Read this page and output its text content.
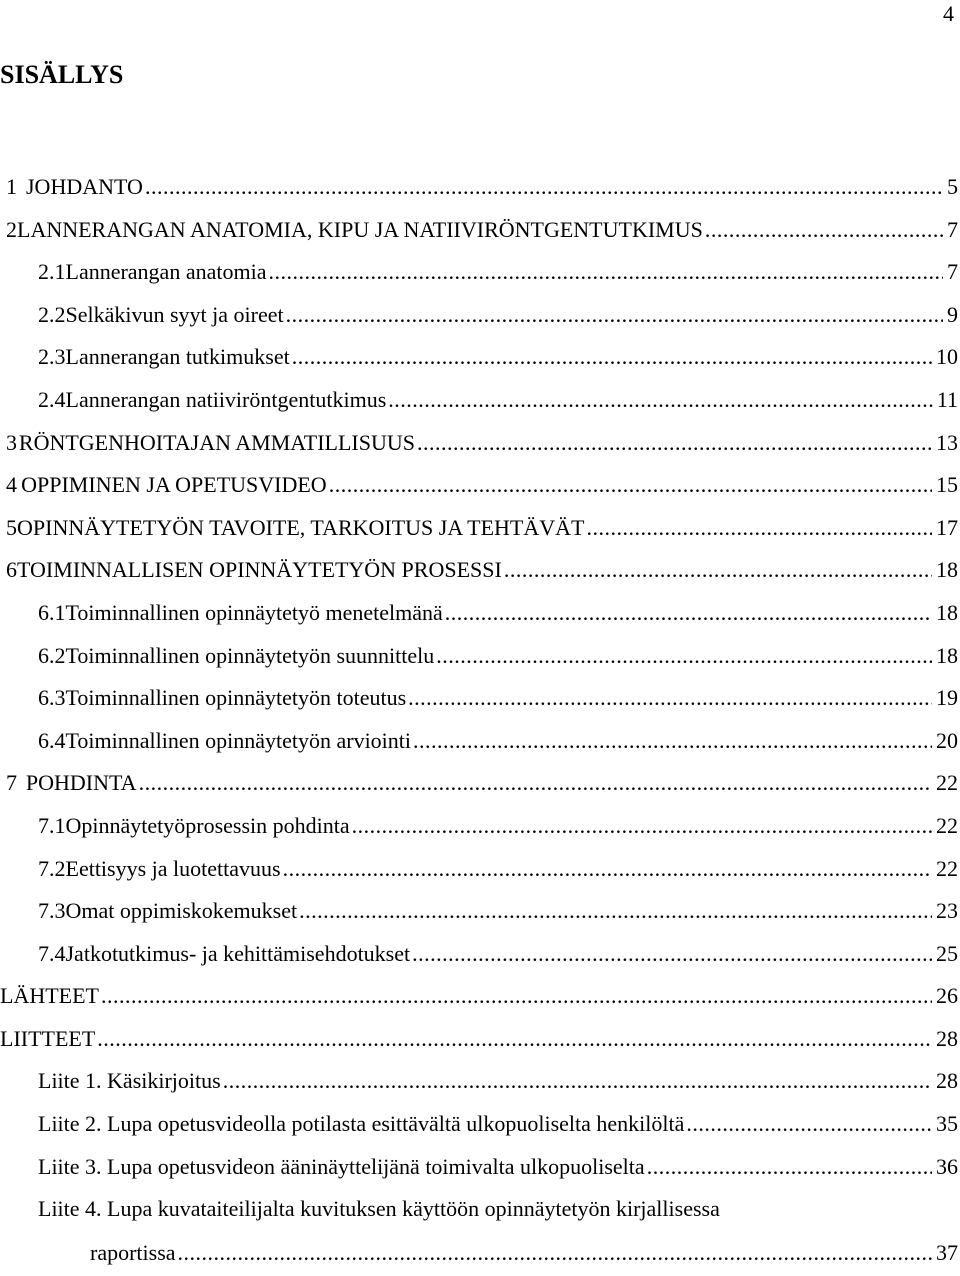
4
SISÄLLYS
1 JOHDANTO .....	5
2 LANNERANGAN ANATOMIA, KIPU JA NATIIVIRÖNTGENTUTKIMUS .....	7
2.1 Lannerangan anatomia .....	7
2.2 Selkäkivun syyt ja oireet .....	9
2.3 Lannerangan tutkimukset .....	10
2.4 Lannerangan natiiviröntgentutkimus .....	11
3 RÖNTGENHOITAJAN AMMATILLISUUS .....	13
4 OPPIMINEN JA OPETUSVIDEO .....	15
5 OPINNÄYTETYÖN TAVOITE, TARKOITUS JA TEHTÄVÄT .....	17
6 TOIMINNALLISEN OPINNÄYTETYÖN PROSESSI .....	18
6.1 Toiminnallinen opinnäytetyö menetelmänä .....	18
6.2 Toiminnallinen opinnäytetyön suunnittelu .....	18
6.3 Toiminnallinen opinnäytetyön toteutus .....	19
6.4 Toiminnallinen opinnäytetyön arviointi .....	20
7 POHDINTA .....	22
7.1 Opinnäytetyöprosessin pohdinta .....	22
7.2 Eettisyys ja luotettavuus .....	22
7.3 Omat oppimiskokemukset .....	23
7.4 Jatkotutkimus- ja kehittämisehdotukset .....	25
LÄHTEET .....	26
LIITTEET .....	28
Liite 1. Käsikirjoitus .....	28
Liite 2. Lupa opetusvideolla potilasta esittävältä ulkopuoliselta henkilöltä .....	35
Liite 3. Lupa opetusvideon ääninäyttelijänä toimivalta ulkopuoliselta .....	36
Liite 4. Lupa kuvataiteilijalta kuvituksen käyttöön opinnäytetyön kirjallisessa
raportissa .....	37
